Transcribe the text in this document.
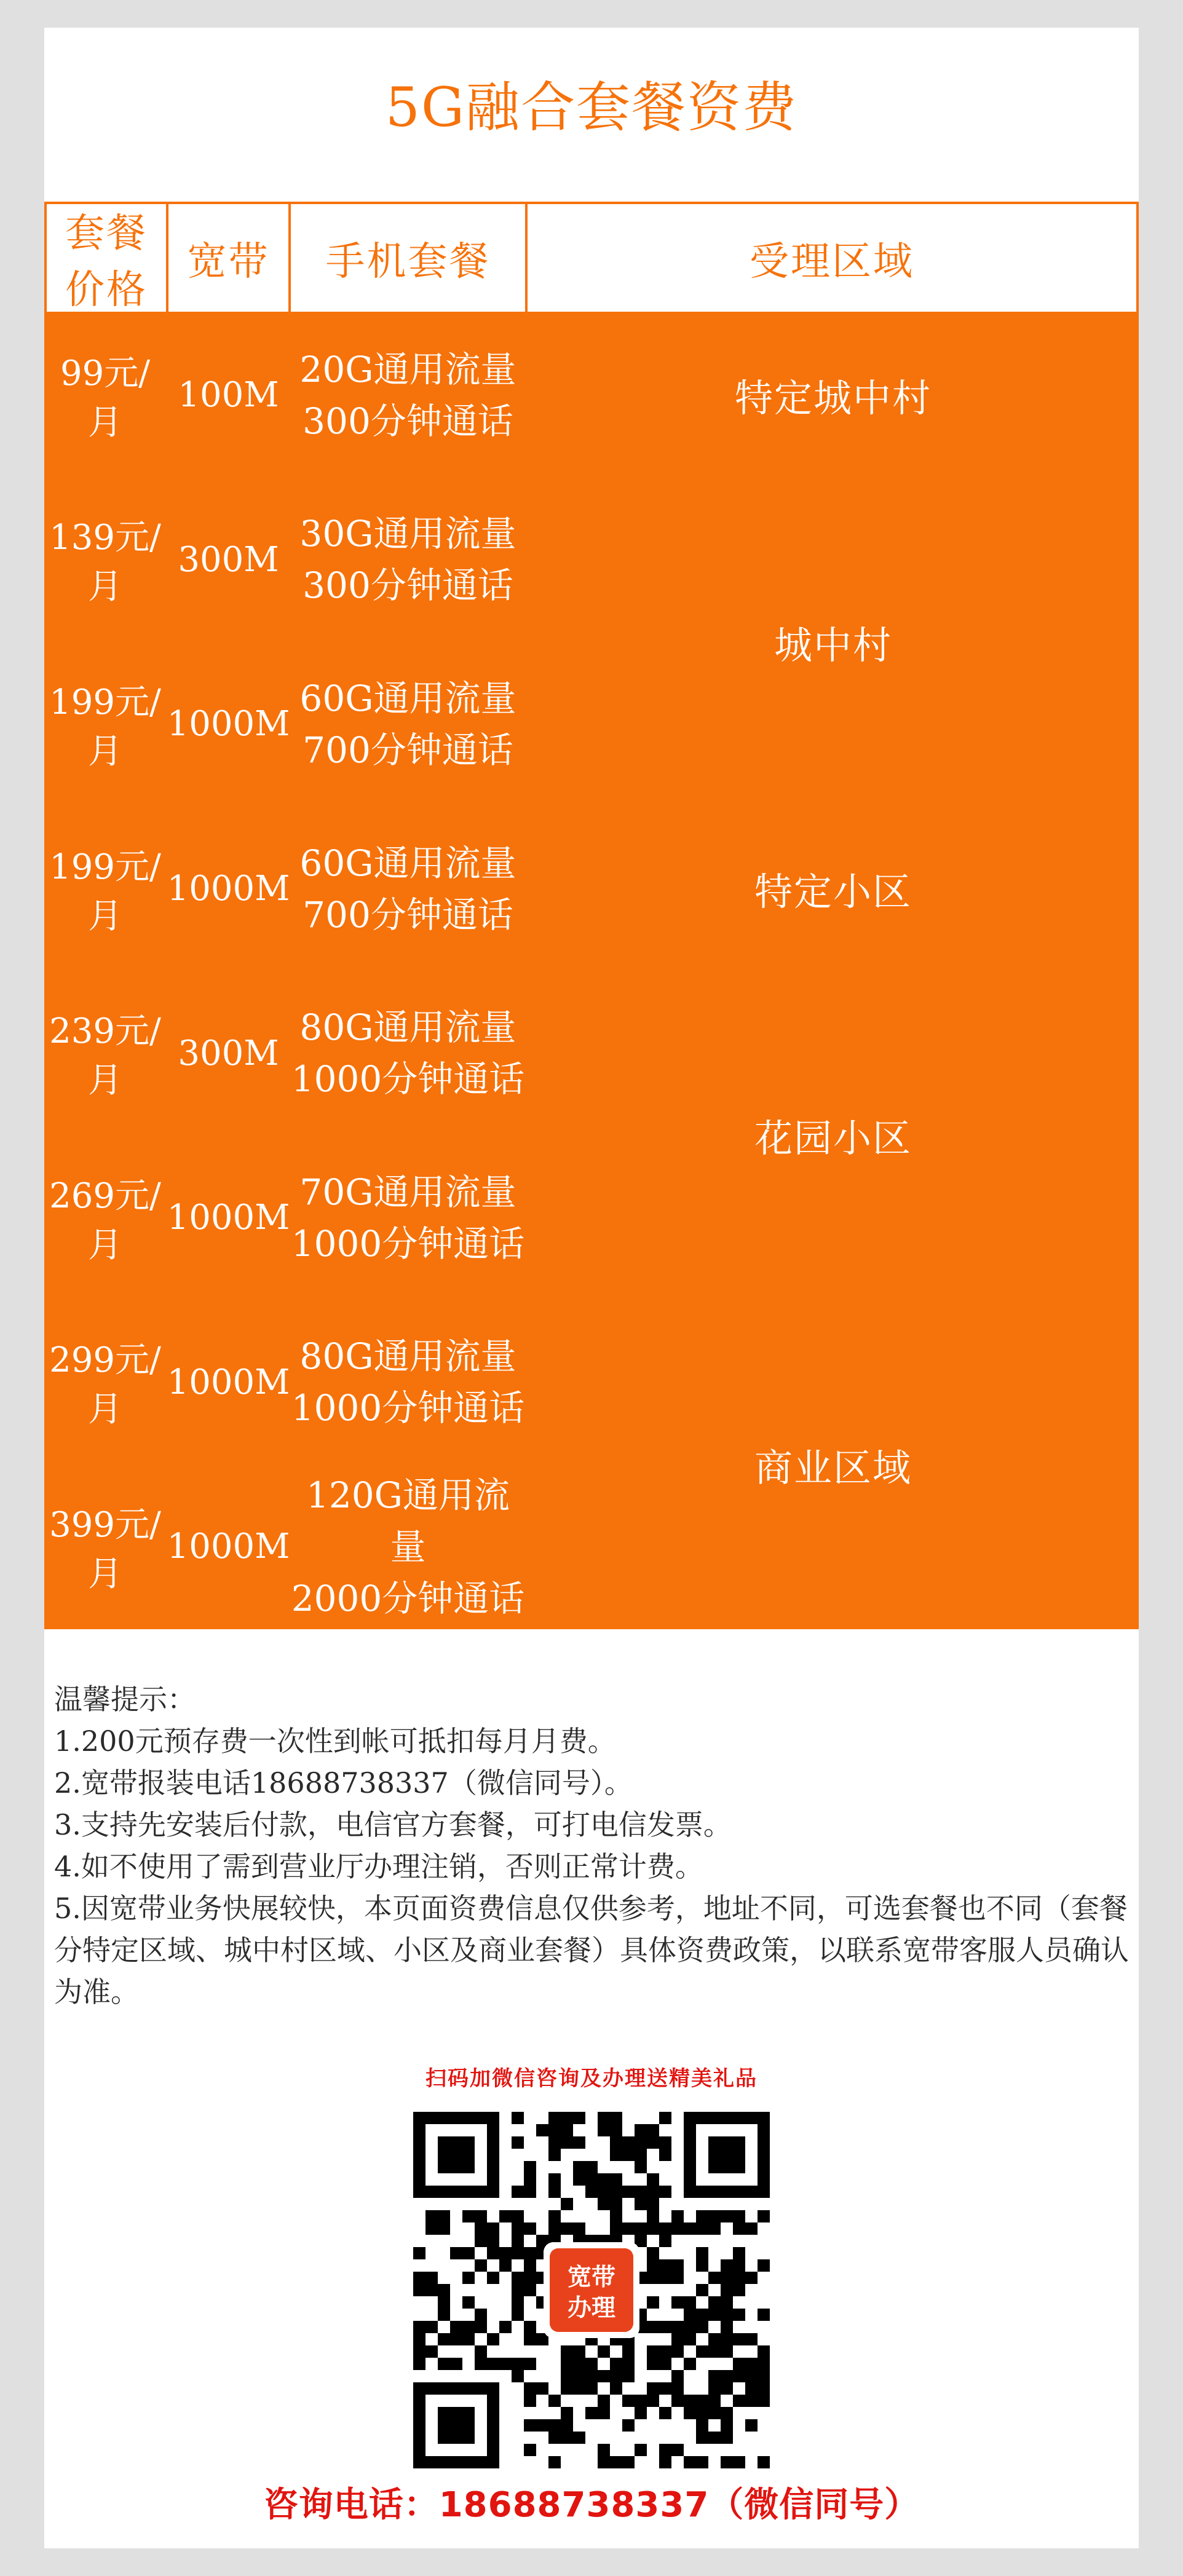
5G融合套餐资费
套餐价格
宽带 手机套餐	受理区域
99元/月
100M
20G通用流量
300分钟通话
139元/月
300M
30G通用流量
300分钟通话
199元/月
1000M
60G通用流量
700分钟通话
199元/月
1000M
60G通用流量
700分钟通话
239元/月
300M
80G通用流量
1000分钟通话
269元/月
1000M
70G通用流量
1000分钟通话
299元/月
1000M
80G通用流量
1000分钟通话
399元/月
1000M
120G通用流量
2000分钟通话
特定城中村
城中村
特定小区
花园小区
商业区域
温馨提示：
1.200元预存费一次性到帐可抵扣每月月费。
2.宽带报装电话18688738337（微信同号）。
3.支持先安装后付款，电信官方套餐，可打电信发票。
4.如不使用了需到营业厅办理注销，否则正常计费。
5.因宽带业务快展较快，本页面资费信息仅供参考，地址不同，可选套餐也不同（套餐分特定区域、城中村区域、小区及商业套餐）具体资费政策，以联系宽带客服人员确认为准。
扫码加微信咨询及办理送精美礼品
宽带
办理
咨询电话：18688738337（微信同号）
